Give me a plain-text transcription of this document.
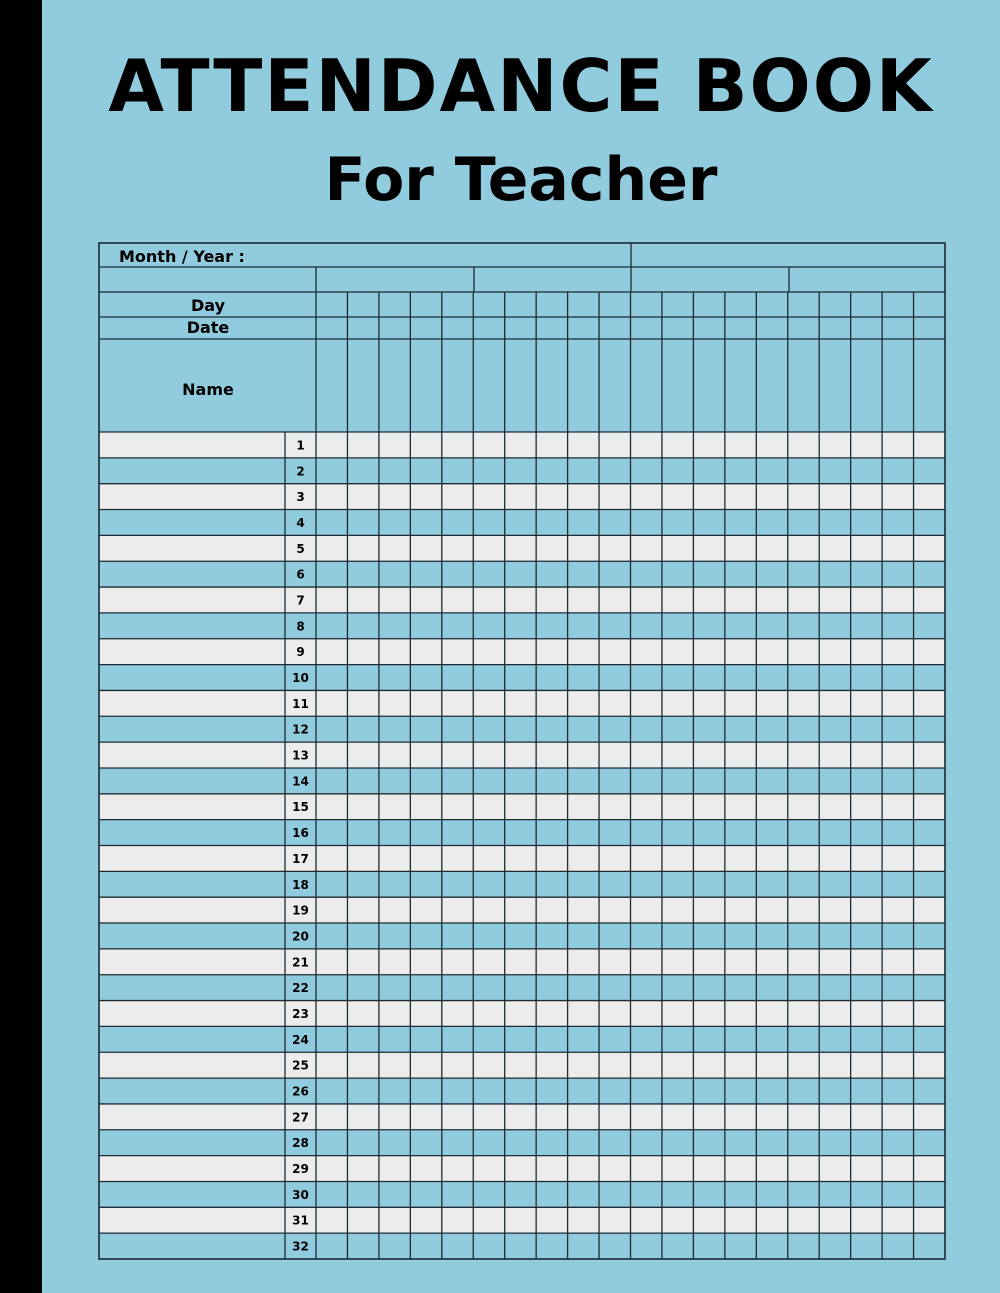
ATTENDANCE BOOK
For Teacher
Month / Year :
Day
Date
Name
1
2
3
4
5
6
7
8
9
10
11
12
13
14
15
16
17
18
19
20
21
22
23
24
25
26
27
28
29
30
31
32
